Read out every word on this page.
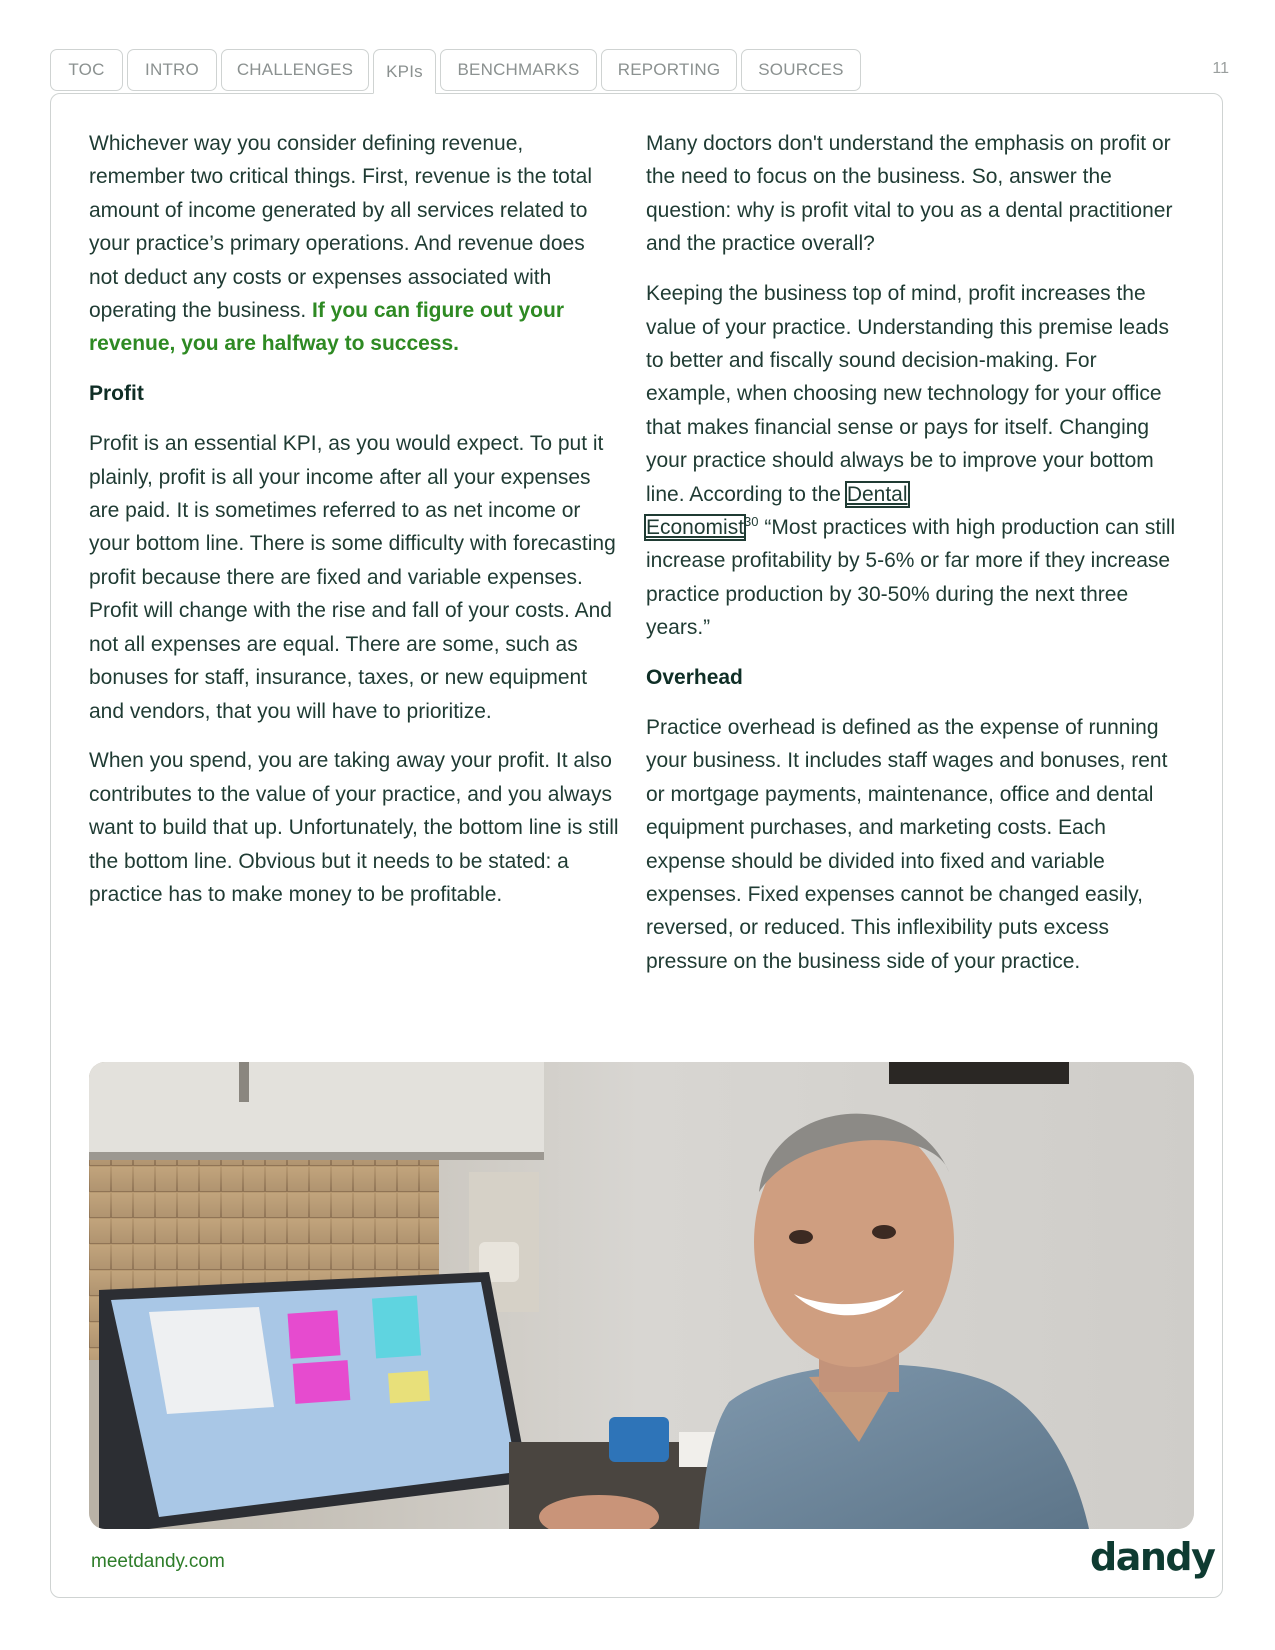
TOC	INTRO	CHALLENGES	KPIs	BENCHMARKS	REPORTING	SOURCES	11

Whichever way you consider defining revenue, remember two critical things. First, revenue is the total amount of income generated by all services related to your practice’s primary operations. And revenue does not deduct any costs or expenses associated with operating the business. If you can figure out your revenue, you are halfway to success.

Profit

Profit is an essential KPI, as you would expect. To put it plainly, profit is all your income after all your expenses are paid. It is sometimes referred to as net income or your bottom line. There is some difficulty with forecasting profit because there are fixed and variable expenses. Profit will change with the rise and fall of your costs. And not all expenses are equal. There are some, such as bonuses for staff, insurance, taxes, or new equipment and vendors, that you will have to prioritize.

When you spend, you are taking away your profit. It also contributes to the value of your practice, and you always want to build that up. Unfortunately, the bottom line is still the bottom line. Obvious but it needs to be stated: a practice has to make money to be profitable.

Many doctors don't understand the emphasis on profit or the need to focus on the business. So, answer the question: why is profit vital to you as a dental practitioner and the practice overall?

Keeping the business top of mind, profit increases the value of your practice. Understanding this premise leads to better and fiscally sound decision-making. For example, when choosing new technology for your office that makes financial sense or pays for itself. Changing your practice should always be to improve your bottom line. According to the Dental
Economist$^{30}$ “Most practices with high production can still increase profitability by 5-6% or far more if they increase practice production by 30-50% during the next three years.”

Overhead

Practice overhead is defined as the expense of running your business. It includes staff wages and bonuses, rent or mortgage payments, maintenance, office and dental equipment purchases, and marketing costs. Each expense should be divided into fixed and variable expenses. Fixed expenses cannot be changed easily, reversed, or reduced. This inflexibility puts excess pressure on the business side of your practice.

meetdandy.com	dandy
